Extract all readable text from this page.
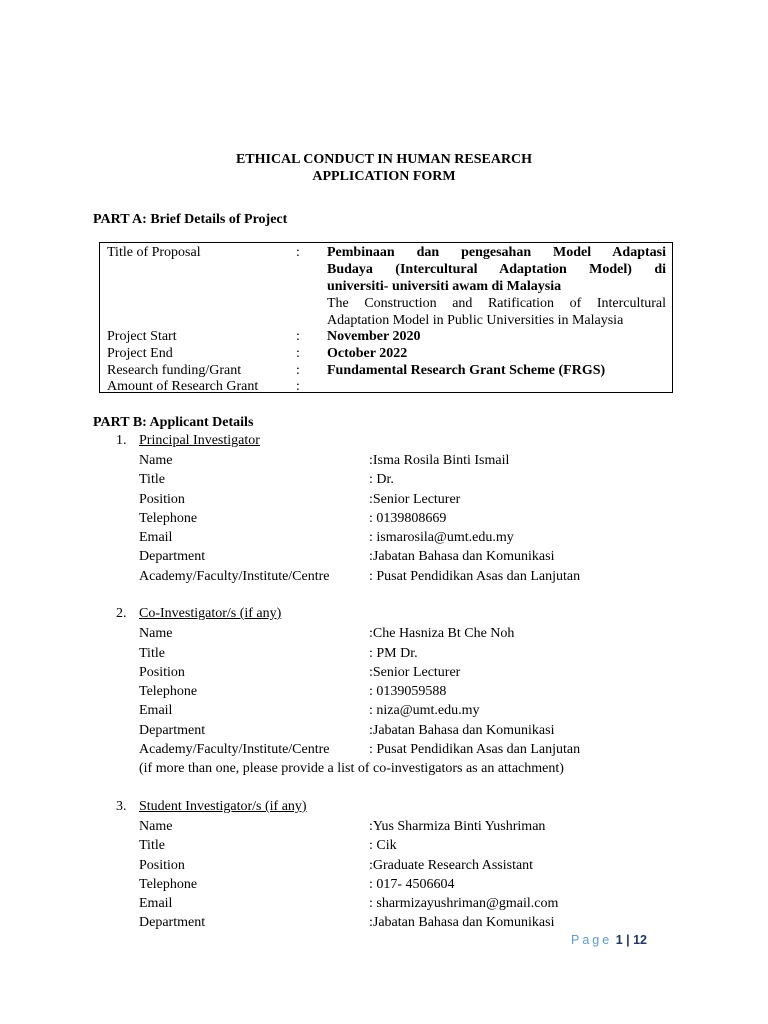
ETHICAL CONDUCT IN HUMAN RESEARCH
APPLICATION FORM
PART A: Brief Details of Project
Title of Proposal	: Pembinaan dan pengesahan Model Adaptasi
Budaya (Intercultural Adaptation Model) di
universiti- universiti awam di Malaysia
The Construction and Ratification of Intercultural
Adaptation Model in Public Universities in Malaysia
Project Start	: November 2020
Project End	: October 2022
Research funding/Grant	: Fundamental Research Grant Scheme (FRGS)
Amount of Research Grant	:
PART B: Applicant Details
1. Principal Investigator
Name	:Isma Rosila Binti Ismail
Title	: Dr.
Position	:Senior Lecturer
Telephone	: 0139808669
Email	: ismarosila@umt.edu.my
Department	:Jabatan Bahasa dan Komunikasi
Academy/Faculty/Institute/Centre	: Pusat Pendidikan Asas dan Lanjutan
2. Co-Investigator/s (if any)
Name	:Che Hasniza Bt Che Noh
Title	: PM Dr.
Position	:Senior Lecturer
Telephone	: 0139059588
Email	: niza@umt.edu.my
Department	:Jabatan Bahasa dan Komunikasi
Academy/Faculty/Institute/Centre	: Pusat Pendidikan Asas dan Lanjutan
(if more than one, please provide a list of co-investigators as an attachment)
3. Student Investigator/s (if any)
Name	:Yus Sharmiza Binti Yushriman
Title	: Cik
Position	:Graduate Research Assistant
Telephone	: 017- 4506604
Email	: sharmizayushriman@gmail.com
Department	:Jabatan Bahasa dan Komunikasi
Page 1 | 12
